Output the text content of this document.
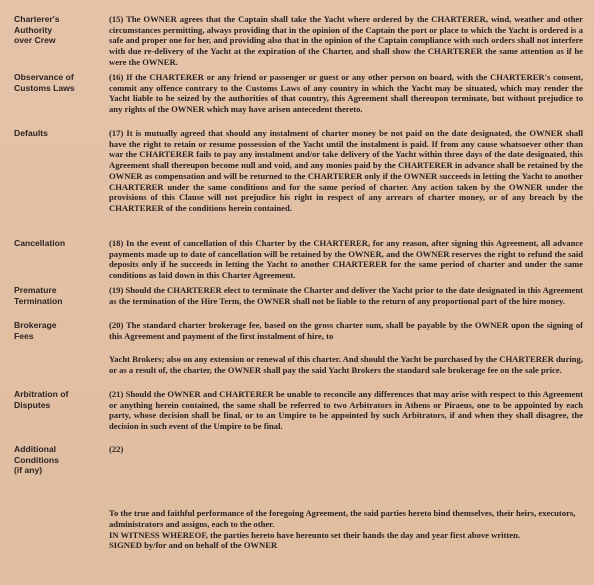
Charterer's
Authority
over Crew
(15) The OWNER agrees that the Captain shall take the Yacht where ordered by the CHARTERER, wind, weather and other circumstances permitting, always providing that in the opinion of the Captain the port or place to which the Yacht is ordered is a safe and proper one for her, and providing also that in the opinion of the Captain compliance with such orders shall not interfere with due re-delivery of the Yacht at the expiration of the Charter, and shall show the CHARTERER the same attention as if he were the OWNER.
Observance of
Customs Laws
(16) If the CHARTERER or any friend or passenger or guest or any other person on board, with the CHARTERER's consent, commit any offence contrary to the Customs Laws of any country in which the Yacht may be situated, which may render the Yacht liable to be seized by the authorities of that country, this Agreement shall thereupon terminate, but without prejudice to any rights of the OWNER which may have arisen antecedent thereto.
Defaults	(17) It is mutually agreed that should any instalment of charter money be not paid on the date designated, the OWNER shall have the right to retain or resume possession of the Yacht until the instalment is paid. If from any cause whatsoever other than war the CHARTERER fails to pay any instalment and/or take delivery of the Yacht within three days of the date designated, this Agreement shall thereupon become null and void, and any monies paid by the CHARTERER in advance shall be retained by the OWNER as compensation and will be returned to the CHARTERER only if the OWNER succeeds in letting the Yacht to another CHARTERER under the same conditions and for the same period of charter. Any action taken by the OWNER under the provisions of this Clause will not prejudice his right in respect of any arrears of charter money, or of any breach by the CHARTERER of the conditions herein contained.
Cancellation	(18) In the event of cancellation of this Charter by the CHARTERER, for any reason, after signing this Agreement, all advance payments made up to date of cancellation will be retained by the OWNER, and the OWNER reserves the right to refund the said deposits only if he succeeds in letting the Yacht to another CHARTERER for the same period of charter and under the same conditions as laid down in this Charter Agreement.
Premature
Termination
(19) Should the CHARTERER elect to terminate the Charter and deliver the Yacht prior to the date designated in this Agreement as the termination of the Hire Term, the OWNER shall not be liable to the return of any proportional part of the hire money.
Brokerage
Fees
(20) The standard charter brokerage fee, based on the gross charter sum, shall be payable by the OWNER upon the signing of this Agreement and payment of the first instalment of hire, to
Yacht Brokers; also on any extension or renewal of this charter. And should the Yacht be purchased by the CHARTERER during, or as a result of, the charter, the OWNER shall pay the said Yacht Brokers the standard sale brokerage fee on the sale price.
Arbitration of
Disputes
(21) Should the OWNER and CHARTERER be unable to reconcile any differences that may arise with respect to this Agreement or anything herein contained, the same shall be referred to two Arbitrators in Athens or Piraeus, one to be appointed by each party, whose decision shall be final, or to an Umpire to be appointed by such Arbitrators, if and when they shall disagree, the decision in such event of the Umpire to be final.
Additional
Conditions
(if any)
(22)

To the true and faithful performance of the foregoing Agreement, the said parties hereto bind themselves, their heirs, executors, administrators and assigns, each to the other.

IN WITNESS WHEREOF, the parties hereto have hereunto set their hands the day and year first above written.

SIGNED by/for and on behalf of the OWNER
